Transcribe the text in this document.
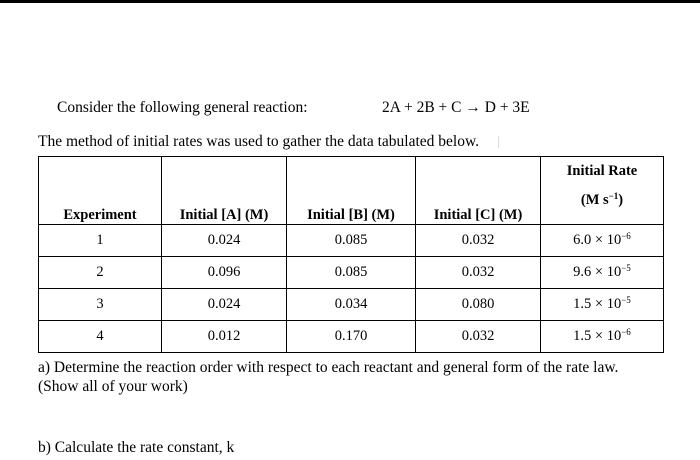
Consider the following general reaction:	2A + 2B + C → D + 3E
The method of initial rates was used to gather the data tabulated below.
Experiment	Initial [A] (M)	Initial [B] (M)	Initial [C] (M)	Initial Rate
(M $s^{-1}$)

1	0.024	0.085	0.032	$6.0 \times 10^{-6}$
2	0.096	0.085	0.032	$9.6 \times 10^{-5}$
3	0.024	0.034	0.080	$1.5 \times 10^{-5}$
4	0.012	0.170	0.032	$1.5 \times 10^{-6}$
a) Determine the reaction order with respect to each reactant and general form of the rate law.
(Show all of your work)
b) Calculate the rate constant, k
